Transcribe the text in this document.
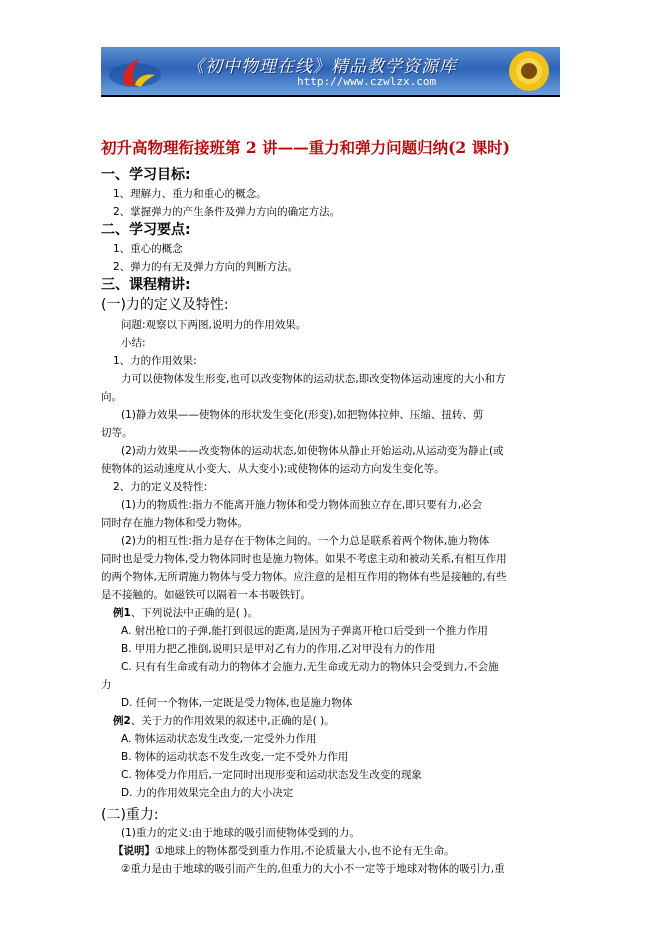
《初中物理在线》精品教学资源库
http://www.czwlzx.com
初升高物理衔接班第 2 讲——重力和弹力问题归纳(2 课时)
一、学习目标:
1、理解力、重力和重心的概念。
2、掌握弹力的产生条件及弹力方向的确定方法。
二、学习要点:
1、重心的概念
2、弹力的有无及弹力方向的判断方法。
三、课程精讲:
(一)力的定义及特性:
问题:观察以下两图,说明力的作用效果。
小结:
1、力的作用效果:
力可以使物体发生形变,也可以改变物体的运动状态,即改变物体运动速度的大小和方
向。
(1)静力效果——使物体的形状发生变化(形变),如把物体拉伸、压缩、扭转、剪
切等。
(2)动力效果——改变物体的运动状态,如使物体从静止开始运动,从运动变为静止(或
使物体的运动速度从小变大、从大变小);或使物体的运动方向发生变化等。
2、力的定义及特性:
(1)力的物质性:指力不能离开施力物体和受力物体而独立存在,即只要有力,必会
同时存在施力物体和受力物体。
(2)力的相互性:指力是存在于物体之间的。一个力总是联系着两个物体,施力物体
同时也是受力物体,受力物体同时也是施力物体。如果不考虑主动和被动关系,有相互作用
的两个物体,无所谓施力物体与受力物体。应注意的是相互作用的物体有些是接触的,有些
是不接触的。如磁铁可以隔着一本书吸铁钉。
例1、下列说法中正确的是( )。
A. 射出枪口的子弹,能打到很远的距离,是因为子弹离开枪口后受到一个推力作用
B. 甲用力把乙推倒,说明只是甲对乙有力的作用,乙对甲没有力的作用
C. 只有有生命或有动力的物体才会施力,无生命或无动力的物体只会受到力,不会施
力
D. 任何一个物体,一定既是受力物体,也是施力物体
例2、关于力的作用效果的叙述中,正确的是( )。
A. 物体运动状态发生改变,一定受外力作用
B. 物体的运动状态不发生改变,一定不受外力作用
C. 物体受力作用后,一定同时出现形变和运动状态发生改变的现象
D. 力的作用效果完全由力的大小决定
(二)重力:
(1)重力的定义:由于地球的吸引而使物体受到的力。
【说明】①地球上的物体都受到重力作用,不论质量大小,也不论有无生命。
②重力是由于地球的吸引而产生的,但重力的大小不一定等于地球对物体的吸引力,重
